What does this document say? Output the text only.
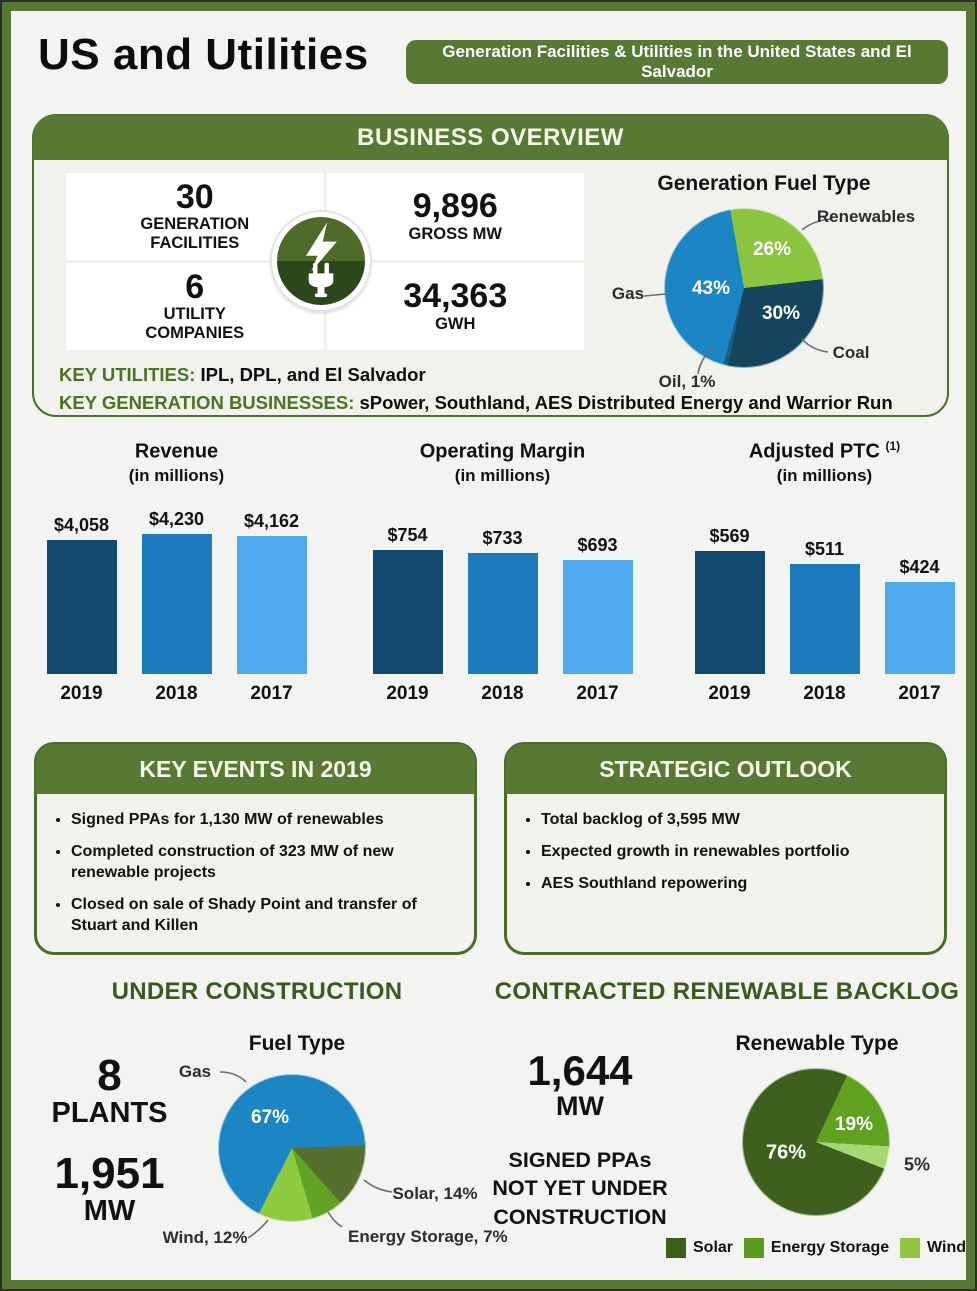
US and Utilities	Generation Facilities & Utilities in the United States and El Salvador
BUSINESS OVERVIEW
30
GENERATION FACILITIES
9,896
GROSS MW
6
UTILITY COMPANIES
34,363
GWH
Generation Fuel Type
26%
43%
30%
Renewables
Gas
Coal
Oil, 1%
KEY UTILITIES: IPL, DPL, and El Salvador
KEY GENERATION BUSINESSES: sPower, Southland, AES Distributed Energy and Warrior Run
Revenue
(in millions)
$4,058 $4,230 $4,162
2019	2018	2017
Operating Margin
(in millions)
$754	$733	$693
2019	2018	2017
Adjusted PTC $^{(1)}$
(in millions)
$569
$511
$424
2019	2018	2017
KEY EVENTS IN 2019
• Signed PPAs for 1,130 MW of renewables
• Completed construction of 323 MW of new renewable projects
• Closed on sale of Shady Point and transfer of Stuart and Killen
STRATEGIC OUTLOOK
• Total backlog of 3,595 MW
• Expected growth in renewables portfolio
• AES Southland repowering
UNDER CONSTRUCTION	CONTRACTED RENEWABLE BACKLOG
8
PLANTS
1,951
MW
Fuel Type
67%
Gas
Solar, 14%
Energy Storage, 7%
Wind, 12%
1,644
MW
SIGNED PPAs NOT YET UNDER CONSTRUCTION
Renewable Type
76%
19%
5%
Solar Energy Storage Wind
